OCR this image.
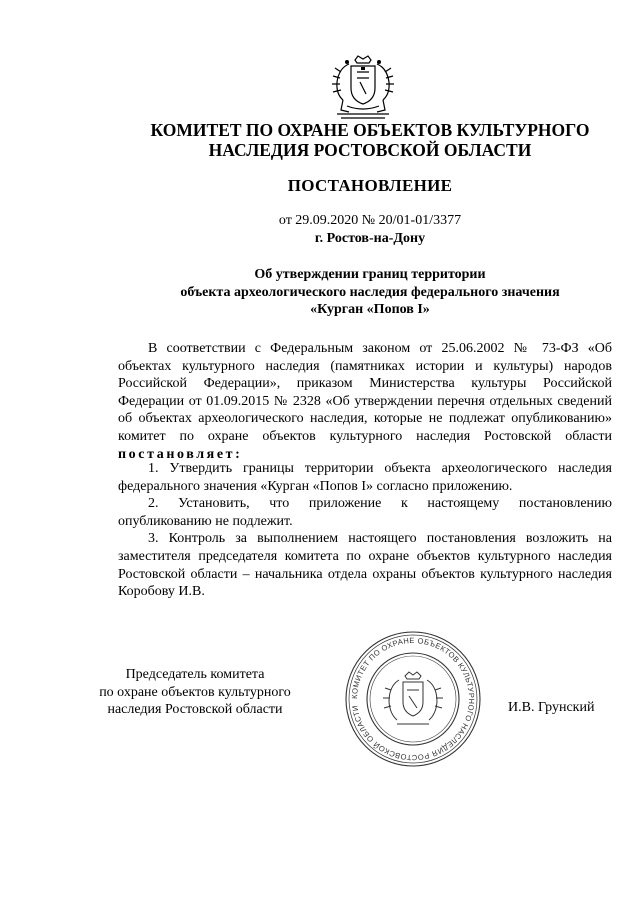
КОМИТЕТ ПО ОХРАНЕ ОБЪЕКТОВ КУЛЬТУРНОГО
НАСЛЕДИЯ РОСТОВСКОЙ ОБЛАСТИ
ПОСТАНОВЛЕНИЕ
от 29.09.2020 № 20/01-01/3377
г. Ростов-на-Дону
Об утверждении границ территории
объекта археологического наследия федерального значения
«Курган «Попов I»
В соответствии с Федеральным законом от 25.06.2002 № 73-ФЗ «Об объектах культурного наследия (памятниках истории и культуры) народов Российской Федерации», приказом Министерства культуры Российской Федерации от 01.09.2015 № 2328 «Об утверждении перечня отдельных сведений об объектах археологического наследия, которые не подлежат опубликованию» комитет по охране объектов культурного наследия Ростовской области постановляет:
1. Утвердить границы территории объекта археологического наследия федерального значения «Курган «Попов I» согласно приложению.
2. Установить, что приложение к настоящему постановлению опубликованию не подлежит.
3. Контроль за выполнением настоящего постановления возложить на заместителя председателя комитета по охране объектов культурного наследия Ростовской области – начальника отдела охраны объектов культурного наследия Коробову И.В.
Председатель комитета
по охране объектов культурного
наследия Ростовской области
КОМИТЕТ ПО ОХРАНЕ ОБЪЕКТОВ КУЛЬТУРНОГО НАСЛЕДИЯ РОСТОВСКОЙ ОБЛАСТИ	И.В. Грунский
